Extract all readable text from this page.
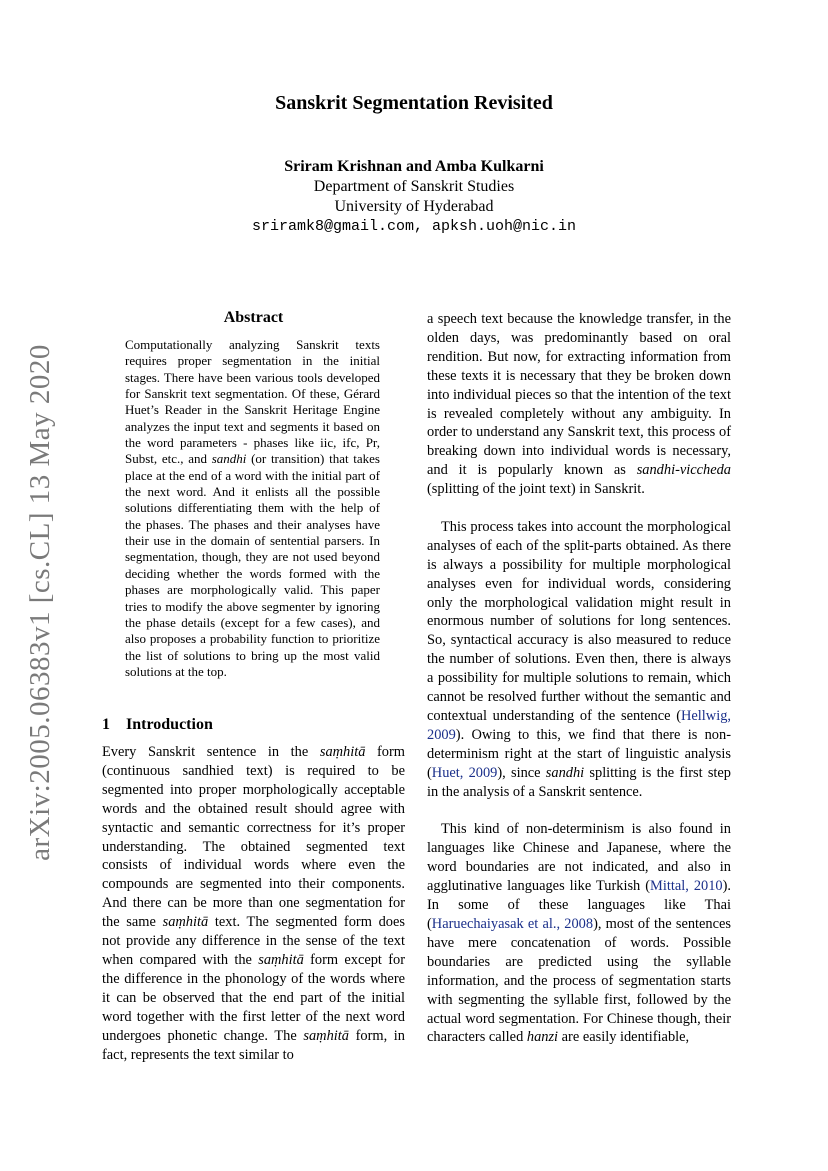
arXiv:2005.06383v1 [cs.CL] 13 May 2020
Sanskrit Segmentation Revisited
Sriram Krishnan and Amba Kulkarni
Department of Sanskrit Studies
University of Hyderabad
sriramk8@gmail.com, apksh.uoh@nic.in
Abstract
Computationally analyzing Sanskrit texts requires proper segmentation in the initial stages. There have been various tools developed for Sanskrit text segmentation. Of these, Gérard Huet’s Reader in the Sanskrit Heritage Engine analyzes the input text and segments it based on the word parameters - phases like iic, ifc, Pr, Subst, etc., and sandhi (or transition) that takes place at the end of a word with the initial part of the next word. And it enlists all the possible solutions differentiating them with the help of the phases. The phases and their analyses have their use in the domain of sentential parsers. In segmentation, though, they are not used beyond deciding whether the words formed with the phases are morphologically valid. This paper tries to modify the above segmenter by ignoring the phase details (except for a few cases), and also proposes a probability function to prioritize the list of solutions to bring up the most valid solutions at the top.
1 Introduction

Every Sanskrit sentence in the saṃhitā form (continuous sandhied text) is required to be segmented into proper morphologically acceptable words and the obtained result should agree with syntactic and semantic correctness for it’s proper understanding. The obtained segmented text consists of individual words where even the compounds are segmented into their components. And there can be more than one segmentation for the same saṃhitā text. The segmented form does not provide any difference in the sense of the text when compared with the saṃhitā form except for the difference in the phonology of the words where it can be observed that the end part of the initial word together with the first letter of the next word undergoes phonetic change. The saṃhitā form, in fact, represents the text similar to

a speech text because the knowledge transfer, in the olden days, was predominantly based on oral rendition. But now, for extracting information from these texts it is necessary that they be broken down into individual pieces so that the intention of the text is revealed completely without any ambiguity. In order to understand any Sanskrit text, this process of breaking down into individual words is necessary, and it is popularly known as sandhi-viccheda (splitting of the joint text) in Sanskrit.

This process takes into account the morphological analyses of each of the split-parts obtained. As there is always a possibility for multiple morphological analyses even for individual words, considering only the morphological validation might result in enormous number of solutions for long sentences. So, syntactical accuracy is also measured to reduce the number of solutions. Even then, there is always a possibility for multiple solutions to remain, which cannot be resolved further without the semantic and contextual understanding of the sentence (Hellwig, 2009). Owing to this, we find that there is non-determinism right at the start of linguistic analysis (Huet, 2009), since sandhi splitting is the first step in the analysis of a Sanskrit sentence.

This kind of non-determinism is also found in languages like Chinese and Japanese, where the word boundaries are not indicated, and also in agglutinative languages like Turkish (Mittal, 2010). In some of these languages like Thai (Haruechaiyasak et al., 2008), most of the sentences have mere concatenation of words. Possible boundaries are predicted using the syllable information, and the process of segmentation starts with segmenting the syllable first, followed by the actual word segmentation. For Chinese though, their characters called hanzi are easily identifiable,
